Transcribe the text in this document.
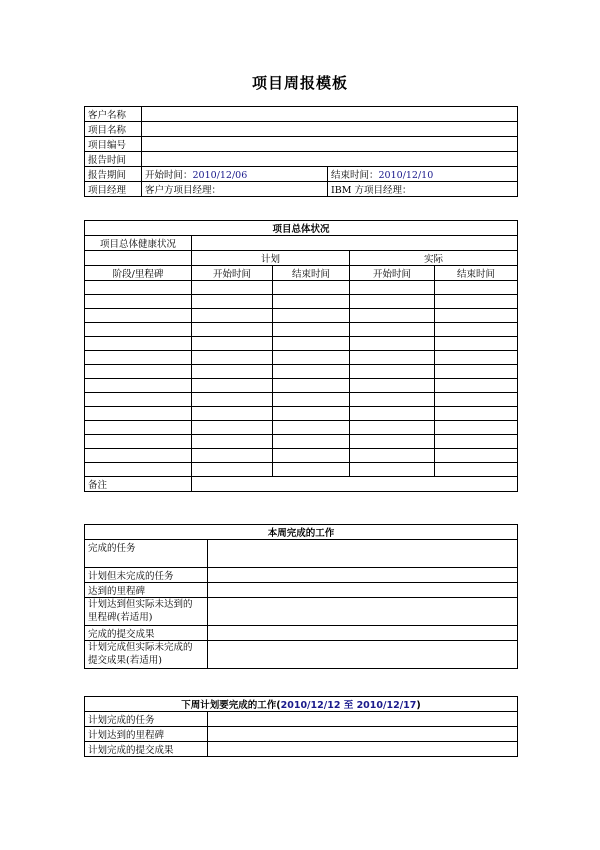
项目周报模板
客户名称		
项目名称		
项目编号		
报告时间		
报告期间	开始时间：2010/12/06	结束时间：2010/12/10
项目经理	客户方项目经理：	IBM 方项目经理：
项目总体状况				
项目总体健康状况				
	计划		实际	
阶段/里程碑	开始时间	结束时间	开始时间	结束时间

备注				
本周完成的工作	
完成的任务	
计划但未完成的任务	
达到的里程碑	

计划达到但实际未达到的
里程碑(若适用)	

完成的提交成果	

计划完成但实际未完成的
提交成果(若适用)	

下周计划要完成的工作(2010/12/12 至 2010/12/17)	
计划完成的任务	
计划达到的里程碑	
计划完成的提交成果	
